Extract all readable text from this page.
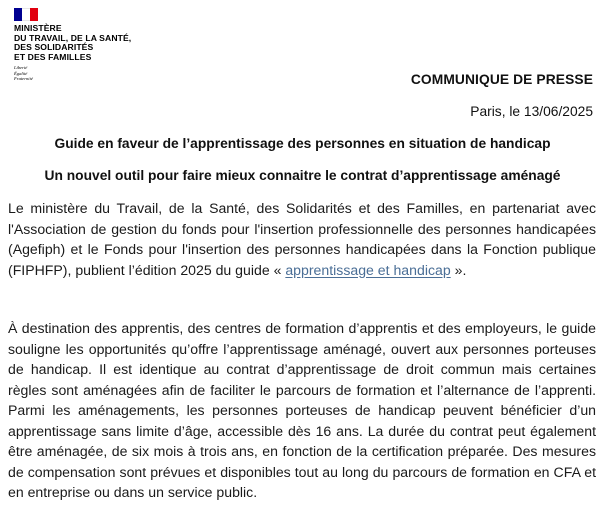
MINISTÈRE
DU TRAVAIL, DE LA SANTÉ,
DES SOLIDARITÉS
ET DES FAMILLES
Liberté
Égalité
Fraternité	COMMUNIQUE DE PRESSE
Paris, le 13/06/2025
Guide en faveur de l’apprentissage des personnes en situation de handicap
Un nouvel outil pour faire mieux connaitre le contrat d’apprentissage aménagé

Le ministère du Travail, de la Santé, des Solidarités et des Familles, en partenariat avec l'Association de gestion du fonds pour l'insertion professionnelle des personnes handicapées (Agefiph) et le Fonds pour l'insertion des personnes handicapées dans la Fonction publique (FIPHFP), publient l’édition 2025 du guide « apprentissage et handicap ».

À destination des apprentis, des centres de formation d’apprentis et des employeurs, le guide souligne les opportunités qu’offre l’apprentissage aménagé, ouvert aux personnes porteuses de handicap. Il est identique au contrat d’apprentissage de droit commun mais certaines règles sont aménagées afin de faciliter le parcours de formation et l’alternance de l’apprenti. Parmi les aménagements, les personnes porteuses de handicap peuvent bénéficier d’un apprentissage sans limite d’âge, accessible dès 16 ans. La durée du contrat peut également être aménagée, de six mois à trois ans, en fonction de la certification préparée. Des mesures de compensation sont prévues et disponibles tout au long du parcours de formation en CFA et en entreprise ou dans un service public.
